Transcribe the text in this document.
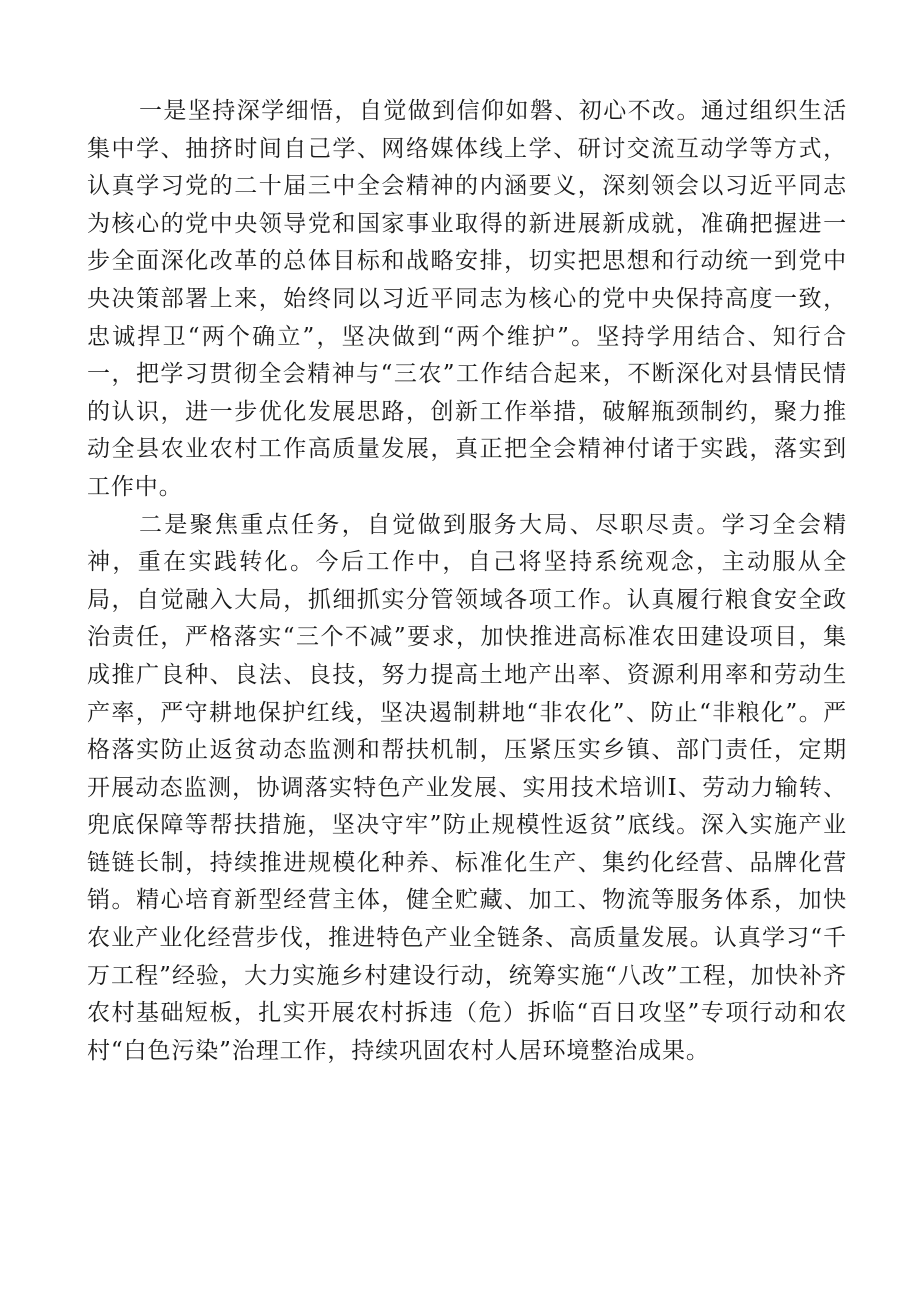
一是坚持深学细悟，自觉做到信仰如磐、初心不改。通过组织生活集中学、抽挤时间自己学、网络媒体线上学、研讨交流互动学等方式，认真学习党的二十届三中全会精神的内涵要义，深刻领会以习近平同志为核心的党中央领导党和国家事业取得的新进展新成就，准确把握进一步全面深化改革的总体目标和战略安排，切实把思想和行动统一到党中央决策部署上来，始终同以习近平同志为核心的党中央保持高度一致，忠诚捍卫“两个确立”，坚决做到“两个维护”。坚持学用结合、知行合一，把学习贯彻全会精神与“三农”工作结合起来，不断深化对县情民情的认识，进一步优化发展思路，创新工作举措，破解瓶颈制约，聚力推动全县农业农村工作高质量发展，真正把全会精神付诸于实践，落实到工作中。

二是聚焦重点任务，自觉做到服务大局、尽职尽责。学习全会精神，重在实践转化。今后工作中，自己将坚持系统观念，主动服从全局，自觉融入大局，抓细抓实分管领域各项工作。认真履行粮食安全政治责任，严格落实“三个不减”要求，加快推进高标准农田建设项目，集成推广良种、良法、良技，努力提高土地产出率、资源利用率和劳动生产率，严守耕地保护红线，坚决遏制耕地“非农化”、防止“非粮化”。严格落实防止返贫动态监测和帮扶机制，压紧压实乡镇、部门责任，定期开展动态监测，协调落实特色产业发展、实用技术培训I、劳动力输转、兜底保障等帮扶措施，坚决守牢”防止规模性返贫”底线。深入实施产业链链长制，持续推进规模化种养、标准化生产、集约化经营、品牌化营销。精心培育新型经营主体，健全贮藏、加工、物流等服务体系，加快农业产业化经营步伐，推进特色产业全链条、高质量发展。认真学习“千万工程”经验，大力实施乡村建设行动，统筹实施“八改”工程，加快补齐农村基础短板，扎实开展农村拆违（危）拆临“百日攻坚”专项行动和农村“白色污染”治理工作，持续巩固农村人居环境整治成果。
